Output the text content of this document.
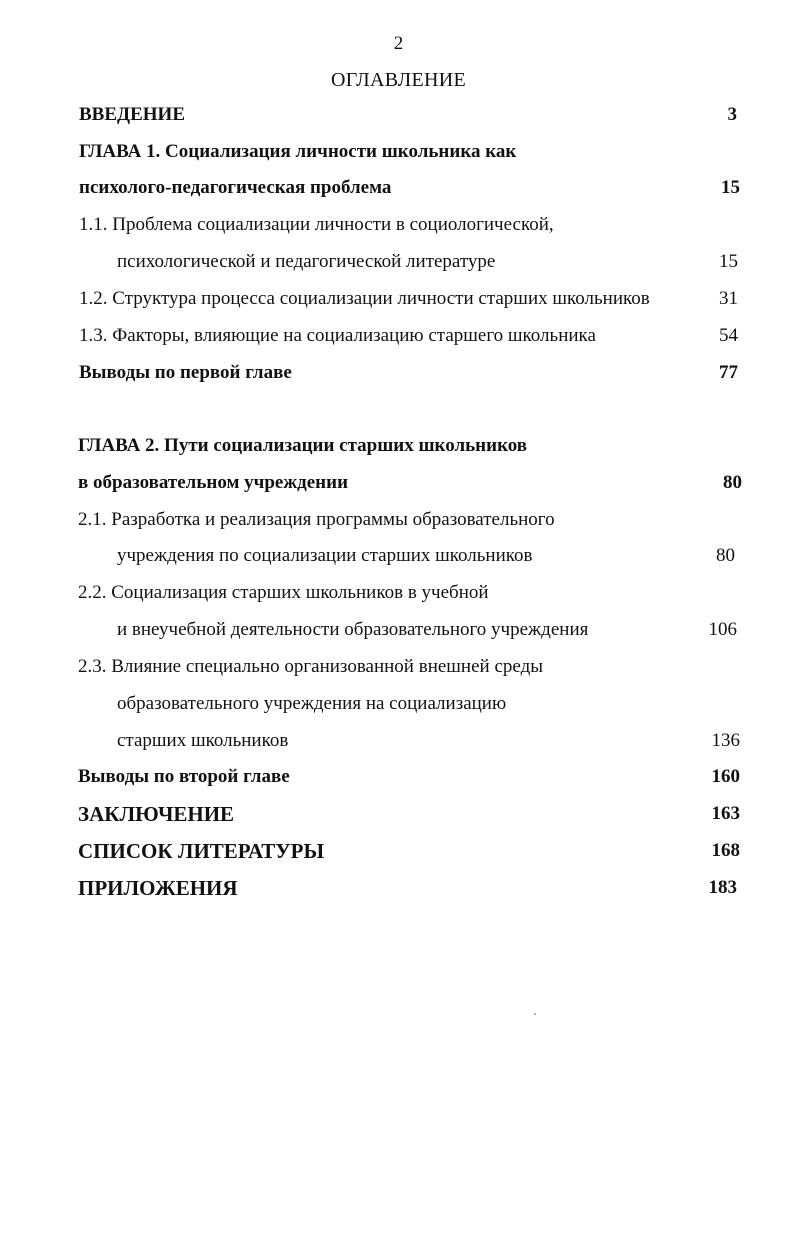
2
ОГЛАВЛЕНИЕ
ВВЕДЕНИЕ	3
ГЛАВА 1. Социализация личности школьника как
психолого-педагогическая проблема	15
1.1. Проблема социализации личности в социологической,
психологической и педагогической литературе	15
1.2. Структура процесса социализации личности старших школьников	31
1.3. Факторы, влияющие на социализацию старшего школьника	54
Выводы по первой главе	77
ГЛАВА 2. Пути социализации старших школьников
в образовательном учреждении	80
2.1. Разработка и реализация программы образовательного
учреждения по социализации старших школьников	80
2.2. Социализация старших школьников в учебной
и внеучебной деятельности образовательного учреждения	106
2.3. Влияние специально организованной внешней среды
образовательного учреждения на социализацию
старших школьников	136
Выводы по второй главе	160
ЗАКЛЮЧЕНИЕ	163
СПИСОК ЛИТЕРАТУРЫ	168
ПРИЛОЖЕНИЯ	183
